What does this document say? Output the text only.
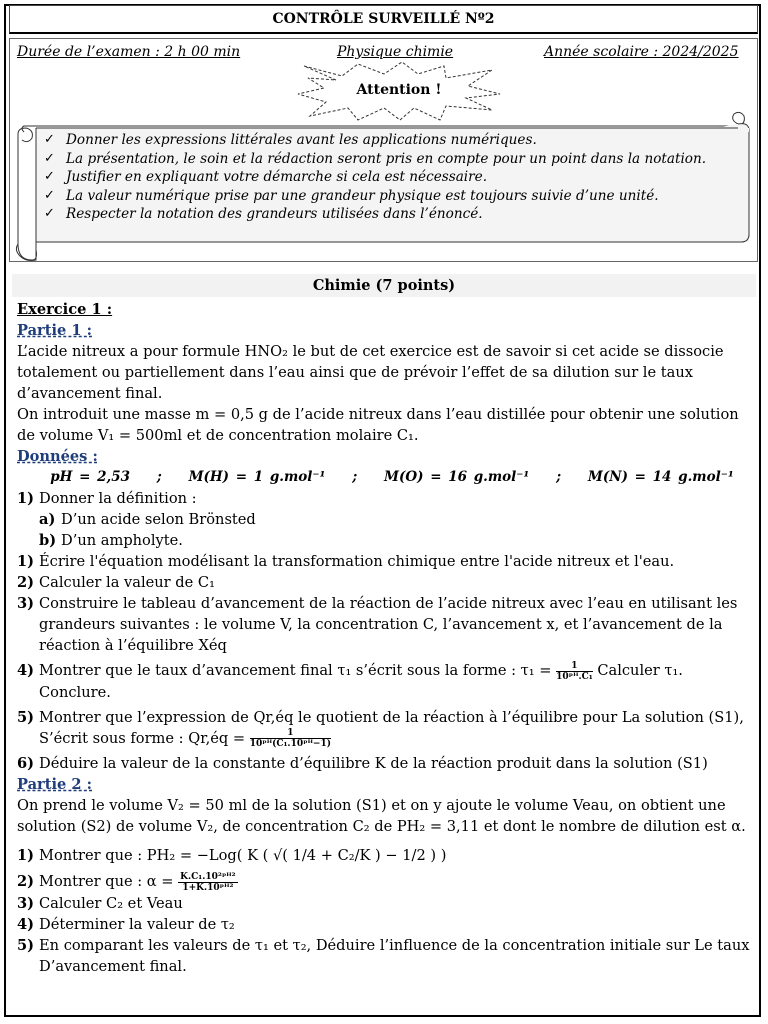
CONTRÔLE SURVEILLÉ Nº2
Durée de l’examen : 2 h 00 min	Physique chimie	Année scolaire : 2024/2025
Attention !
✓ Donner les expressions littérales avant les applications numériques.
✓ La présentation, le soin et la rédaction seront pris en compte pour un point dans la notation.
✓ Justifier en expliquant votre démarche si cela est nécessaire.
✓ La valeur numérique prise par une grandeur physique est toujours suivie d’une unité.
✓ Respecter la notation des grandeurs utilisées dans l’énoncé.
Chimie (7 points)

Exercice 1 :

Partie 1 :

L’acide nitreux a pour formule HNO₂ le but de cet exercice est de savoir si cet acide se dissocie totalement ou partiellement dans l’eau ainsi que de prévoir l’effet de sa dilution sur le taux d’avancement final.

On introduit une masse m = 0,5 g de l’acide nitreux dans l’eau distillée pour obtenir une solution de volume V₁ = 500ml et de concentration molaire C₁.

Données :

pH = 2,53    ;    M(H) = 1 g.mol⁻¹    ;    M(O) = 16 g.mol⁻¹    ;    M(N) = 14 g.mol⁻¹

1) Donner la définition :
a) D’un acide selon Brönsted
b) D’un ampholyte.
1) Écrire l'équation modélisant la transformation chimique entre l'acide nitreux et l'eau.
2) Calculer la valeur de C₁
3) Construire le tableau d’avancement de la réaction de l’acide nitreux avec l’eau en utilisant les grandeurs suivantes : le volume V, la concentration C, l’avancement x, et l’avancement de la réaction à l’équilibre Xéq
4) Montrer que le taux d’avancement final τ₁ s’écrit sous la forme : $\tau_1 = \frac{1}{\text{10ᵖᴴ.C₁}}$ Calculer τ₁. Conclure.
5) Montrer que l’expression de Qr,éq le quotient de la réaction à l’équilibre pour La solution (S1), S’écrit sous forme : Qr,éq = $\frac{1}{\text{10ᵖᴴ(C₁.10ᵖᴴ−1)}}$
6) Déduire la valeur de la constante d’équilibre K de la réaction produit dans la solution (S1)

Partie 2 :

On prend le volume V₂ = 50 ml de la solution (S1) et on y ajoute le volume Veau, on obtient une solution (S2) de volume V₂, de concentration C₂ de PH₂ = 3,11 et dont le nombre de dilution est α.

1) Montrer que : PH₂ = −Log( K ( √( 1/4 + C₂/K ) − 1/2 ) )
2) Montrer que : $\alpha = \frac{\text{K.C₁.10²ᵖᴴ²}}{\text{1+K.10ᵖᴴ²}}$
3) Calculer C₂ et Veau
4) Déterminer la valeur de τ₂
5) En comparant les valeurs de τ₁ et τ₂, Déduire l’influence de la concentration initiale sur Le taux D’avancement final.
